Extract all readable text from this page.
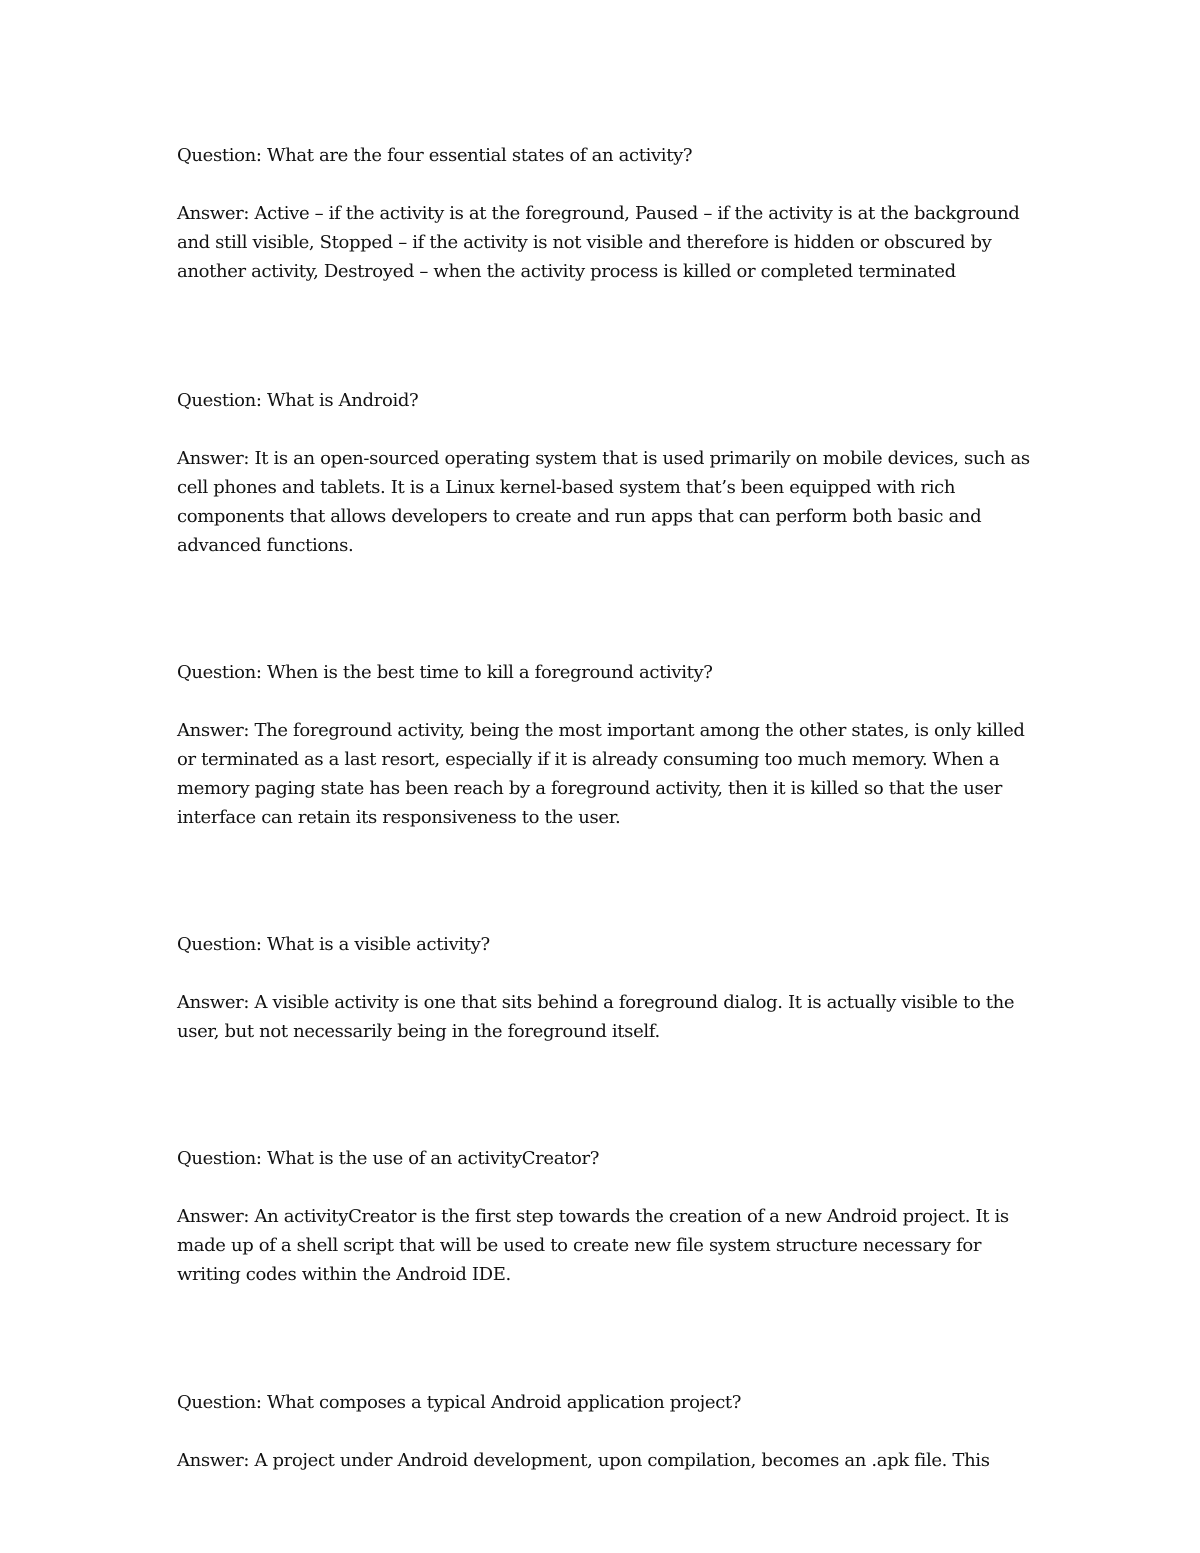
Question: What are the four essential states of an activity?

Answer: Active – if the activity is at the foreground, Paused – if the activity is at the background and still visible, Stopped – if the activity is not visible and therefore is hidden or obscured by another activity, Destroyed – when the activity process is killed or completed terminated

Question: What is Android?

Answer: It is an open-sourced operating system that is used primarily on mobile devices, such as cell phones and tablets. It is a Linux kernel-based system that’s been equipped with rich components that allows developers to create and run apps that can perform both basic and advanced functions.

Question: When is the best time to kill a foreground activity?

Answer: The foreground activity, being the most important among the other states, is only killed or terminated as a last resort, especially if it is already consuming too much memory. When a memory paging state has been reach by a foreground activity, then it is killed so that the user interface can retain its responsiveness to the user.

Question: What is a visible activity?

Answer: A visible activity is one that sits behind a foreground dialog. It is actually visible to the user, but not necessarily being in the foreground itself.

Question: What is the use of an activityCreator?

Answer: An activityCreator is the first step towards the creation of a new Android project. It is made up of a shell script that will be used to create new file system structure necessary for writing codes within the Android IDE.

Question: What composes a typical Android application project?

Answer: A project under Android development, upon compilation, becomes an .apk file. This
